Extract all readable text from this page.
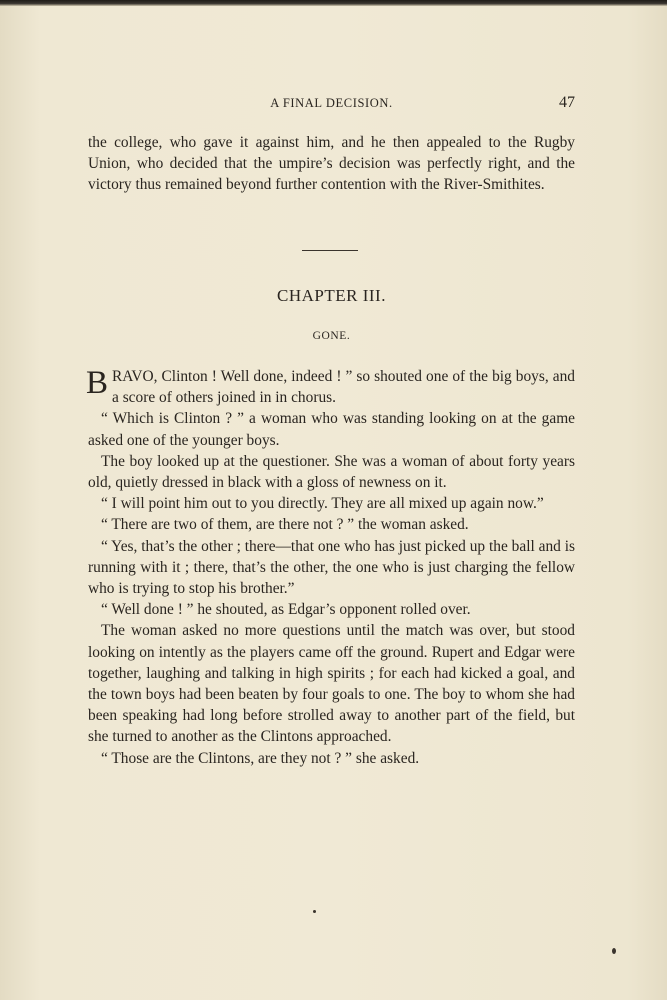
A FINAL DECISION.	47

the college, who gave it against him, and he then appealed to the Rugby Union, who decided that the umpire’s decision was perfectly right, and the victory thus remained beyond further contention with the River-Smithites.

CHAPTER III.
GONE.

BRAVO, Clinton ! Well done, indeed ! ” so shouted one of the big boys, and a score of others joined in in chorus.

“ Which is Clinton ? ” a woman who was standing looking on at the game asked one of the younger boys.

The boy looked up at the questioner. She was a woman of about forty years old, quietly dressed in black with a gloss of newness on it.

“ I will point him out to you directly. They are all mixed up again now.”

“ There are two of them, are there not ? ” the woman asked.

“ Yes, that’s the other ; there—that one who has just picked up the ball and is running with it ; there, that’s the other, the one who is just charging the fellow who is trying to stop his brother.”

“ Well done ! ” he shouted, as Edgar’s opponent rolled over.

The woman asked no more questions until the match was over, but stood looking on intently as the players came off the ground. Rupert and Edgar were together, laughing and talking in high spirits ; for each had kicked a goal, and the town boys had been beaten by four goals to one. The boy to whom she had been speaking had long before strolled away to another part of the field, but she turned to another as the Clintons approached.

“ Those are the Clintons, are they not ? ” she asked.
